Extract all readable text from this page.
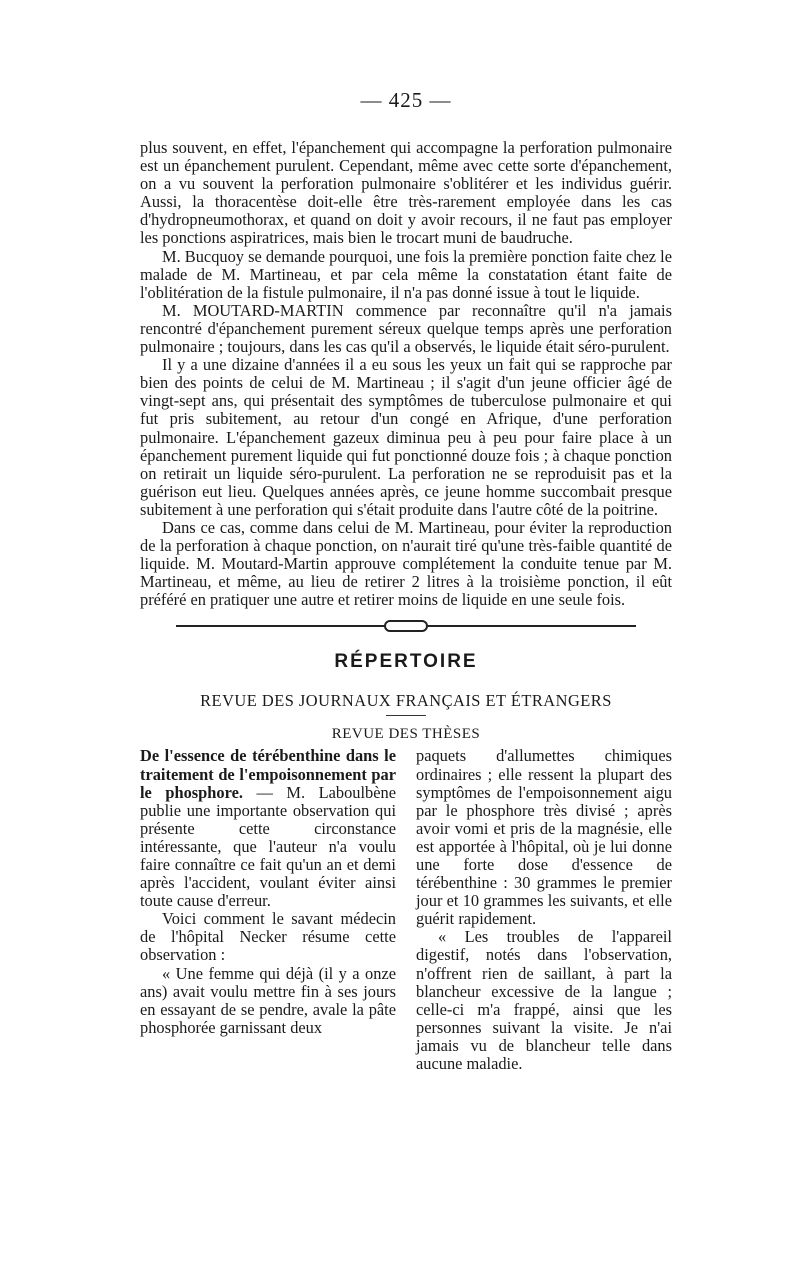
— 425 —

plus souvent, en effet, l'épanchement qui accompagne la perforation pulmonaire est un épanchement purulent. Cependant, même avec cette sorte d'épanchement, on a vu souvent la perforation pulmonaire s'oblitérer et les individus guérir. Aussi, la thoracentèse doit-elle être très-rarement employée dans les cas d'hydropneumothorax, et quand on doit y avoir recours, il ne faut pas employer les ponctions aspiratrices, mais bien le trocart muni de baudruche.

M. Bucquoy se demande pourquoi, une fois la première ponction faite chez le malade de M. Martineau, et par cela même la constatation étant faite de l'oblitération de la fistule pulmonaire, il n'a pas donné issue à tout le liquide.

M. MOUTARD-MARTIN commence par reconnaître qu'il n'a jamais rencontré d'épanchement purement séreux quelque temps après une perforation pulmonaire ; toujours, dans les cas qu'il a observés, le liquide était séro-purulent.

Il y a une dizaine d'années il a eu sous les yeux un fait qui se rapproche par bien des points de celui de M. Martineau ; il s'agit d'un jeune officier âgé de vingt-sept ans, qui présentait des symptômes de tuberculose pulmonaire et qui fut pris subitement, au retour d'un congé en Afrique, d'une perforation pulmonaire. L'épanchement gazeux diminua peu à peu pour faire place à un épanchement purement liquide qui fut ponctionné douze fois ; à chaque ponction on retirait un liquide séro-purulent. La perforation ne se reproduisit pas et la guérison eut lieu. Quelques années après, ce jeune homme succombait presque subitement à une perforation qui s'était produite dans l'autre côté de la poitrine.

Dans ce cas, comme dans celui de M. Martineau, pour éviter la reproduction de la perforation à chaque ponction, on n'aurait tiré qu'une très-faible quantité de liquide. M. Moutard-Martin approuve complétement la conduite tenue par M. Martineau, et même, au lieu de retirer 2 litres à la troisième ponction, il eût préféré en pratiquer une autre et retirer moins de liquide en une seule fois.

RÉPERTOIRE
REVUE DES JOURNAUX FRANÇAIS ET ÉTRANGERS
REVUE DES THÈSES

De l'essence de térébenthine dans le traitement de l'empoisonnement par le phosphore. — M. Laboulbène publie une importante observation qui présente cette circonstance intéressante, que l'auteur n'a voulu faire connaître ce fait qu'un an et demi après l'accident, voulant éviter ainsi toute cause d'erreur.

Voici comment le savant médecin de l'hôpital Necker résume cette observation :

« Une femme qui déjà (il y a onze ans) avait voulu mettre fin à ses jours en essayant de se pendre, avale la pâte phosphorée garnissant deux

paquets d'allumettes chimiques ordinaires ; elle ressent la plupart des symptômes de l'empoisonnement aigu par le phosphore très divisé ; après avoir vomi et pris de la magnésie, elle est apportée à l'hôpital, où je lui donne une forte dose d'essence de térébenthine : 30 grammes le premier jour et 10 grammes les suivants, et elle guérit rapidement.

« Les troubles de l'appareil digestif, notés dans l'observation, n'offrent rien de saillant, à part la blancheur excessive de la langue ; celle-ci m'a frappé, ainsi que les personnes suivant la visite. Je n'ai jamais vu de blancheur telle dans aucune maladie.
